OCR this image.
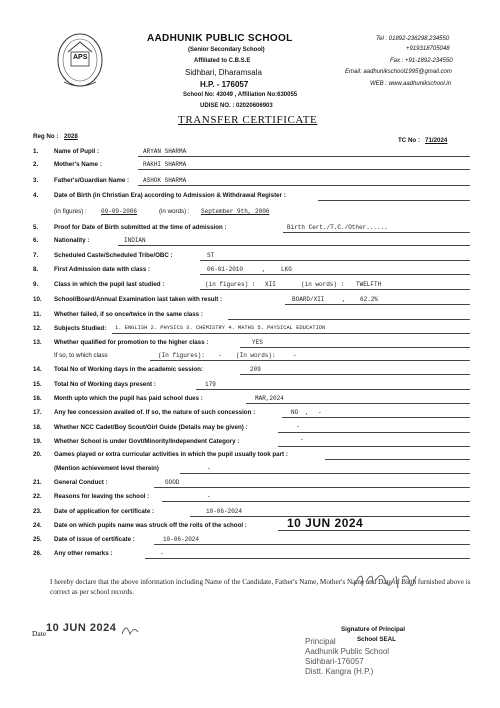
APS
AADHUNIK PUBLIC SCHOOL
(Senior Secondary School)
Affiliated to C.B.S.E
Sidhbari, Dharamsala
H.P. - 176057
School No: 43049 , Affiliation No:630055
UDISE NO. : 02020606903
Tel : 01892-236298,234550
+919318705048
Fax : +91-1892-234550
Email: aadhunikschool1995@gmail.com
WEB : www.aadhunikschool.in
TRANSFER CERTIFICATE
Reg No : 2028
TC No : 71/2024
1.	Name of Pupil :	ARYAN SHARMA
2.	Mother's Name :	RAKHI SHARMA
3.	Father's/Guardian Name : ASHOK SHARMA
4.	Date of Birth (in Christian Era) according to Admission & Withdrawal Register :
(in figures) : 09-09-2006	(in words) : September 9th, 2006
5.	Proof for Date of Birth submitted at the time of admission :	Birth Cert./T.C./Other......
6.	Nationality :	INDIAN
7.	Scheduled Caste/Scheduled Tribe/OBC :	ST
8.	First Admission date with class :	06-01-2010	,	LKG
9.	Class in which the pupil last studied :	(in figures) : XII	(in words) : TWELFTH
10. School/Board/Annual Examination last taken with result :	BOARD/XII	, 62.2%
11. Whether failed, if so once/twice in the same class :
12. Subjects Studied: 1. ENGLISH 2. PHYSICS 3. CHEMISTRY 4. MATHS 5. PHYSICAL EDUCATION
13. Whether qualified for promotion to the higher class :	YES
If so, to which class	(In figures): - (In words):	-
14. Total No of Working days in the academic session:	209
15. Total No of Working days present :	179
16. Month upto which the pupil has paid school dues :	MAR,2024
17. Any fee concession availed of. If so, the nature of such concession :	NO , -
18. Whether NCC Cadet/Boy Scout/Girl Guide (Details may be given) :	-
19. Whether School is under Govt/Minority/Independent Category :	-
20. Games played or extra curricular activities in which the pupil usually took part :
(Mention achievement level therein)	-
21. General Conduct :	GOOD
22. Reasons for leaving the school :	-
23. Date of application for certificate :	10-06-2024
24. Date on which pupils name was struck off the rolls of the school :	10 JUN 2024
25. Date of issue of certificate :	10-06-2024
26. Any other remarks :	-
I hereby declare that the above information including Name of the Candidate, Father's Name, Mother's Name and Date of Birth furnished above is correct as per school records.
Date 10 JUN 2024	Signature of Principal
School SEAL
Principal
Aadhunik Public School
Sidhbari-176057
Distt. Kangra (H.P.)
